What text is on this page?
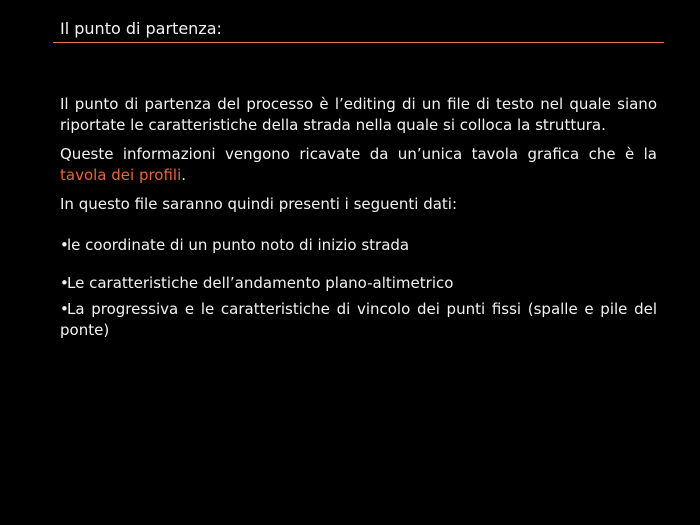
Il punto di partenza:

Il punto di partenza del processo è l’editing di un file di testo nel quale siano riportate le caratteristiche della strada nella quale si colloca la struttura.

Queste informazioni vengono ricavate da un’unica tavola grafica che è la tavola dei profili.

In questo file saranno quindi presenti i seguenti dati:

•le coordinate di un punto noto di inizio strada

•Le caratteristiche dell’andamento plano-altimetrico

•La progressiva e le caratteristiche di vincolo dei punti fissi (spalle e pile del ponte)
